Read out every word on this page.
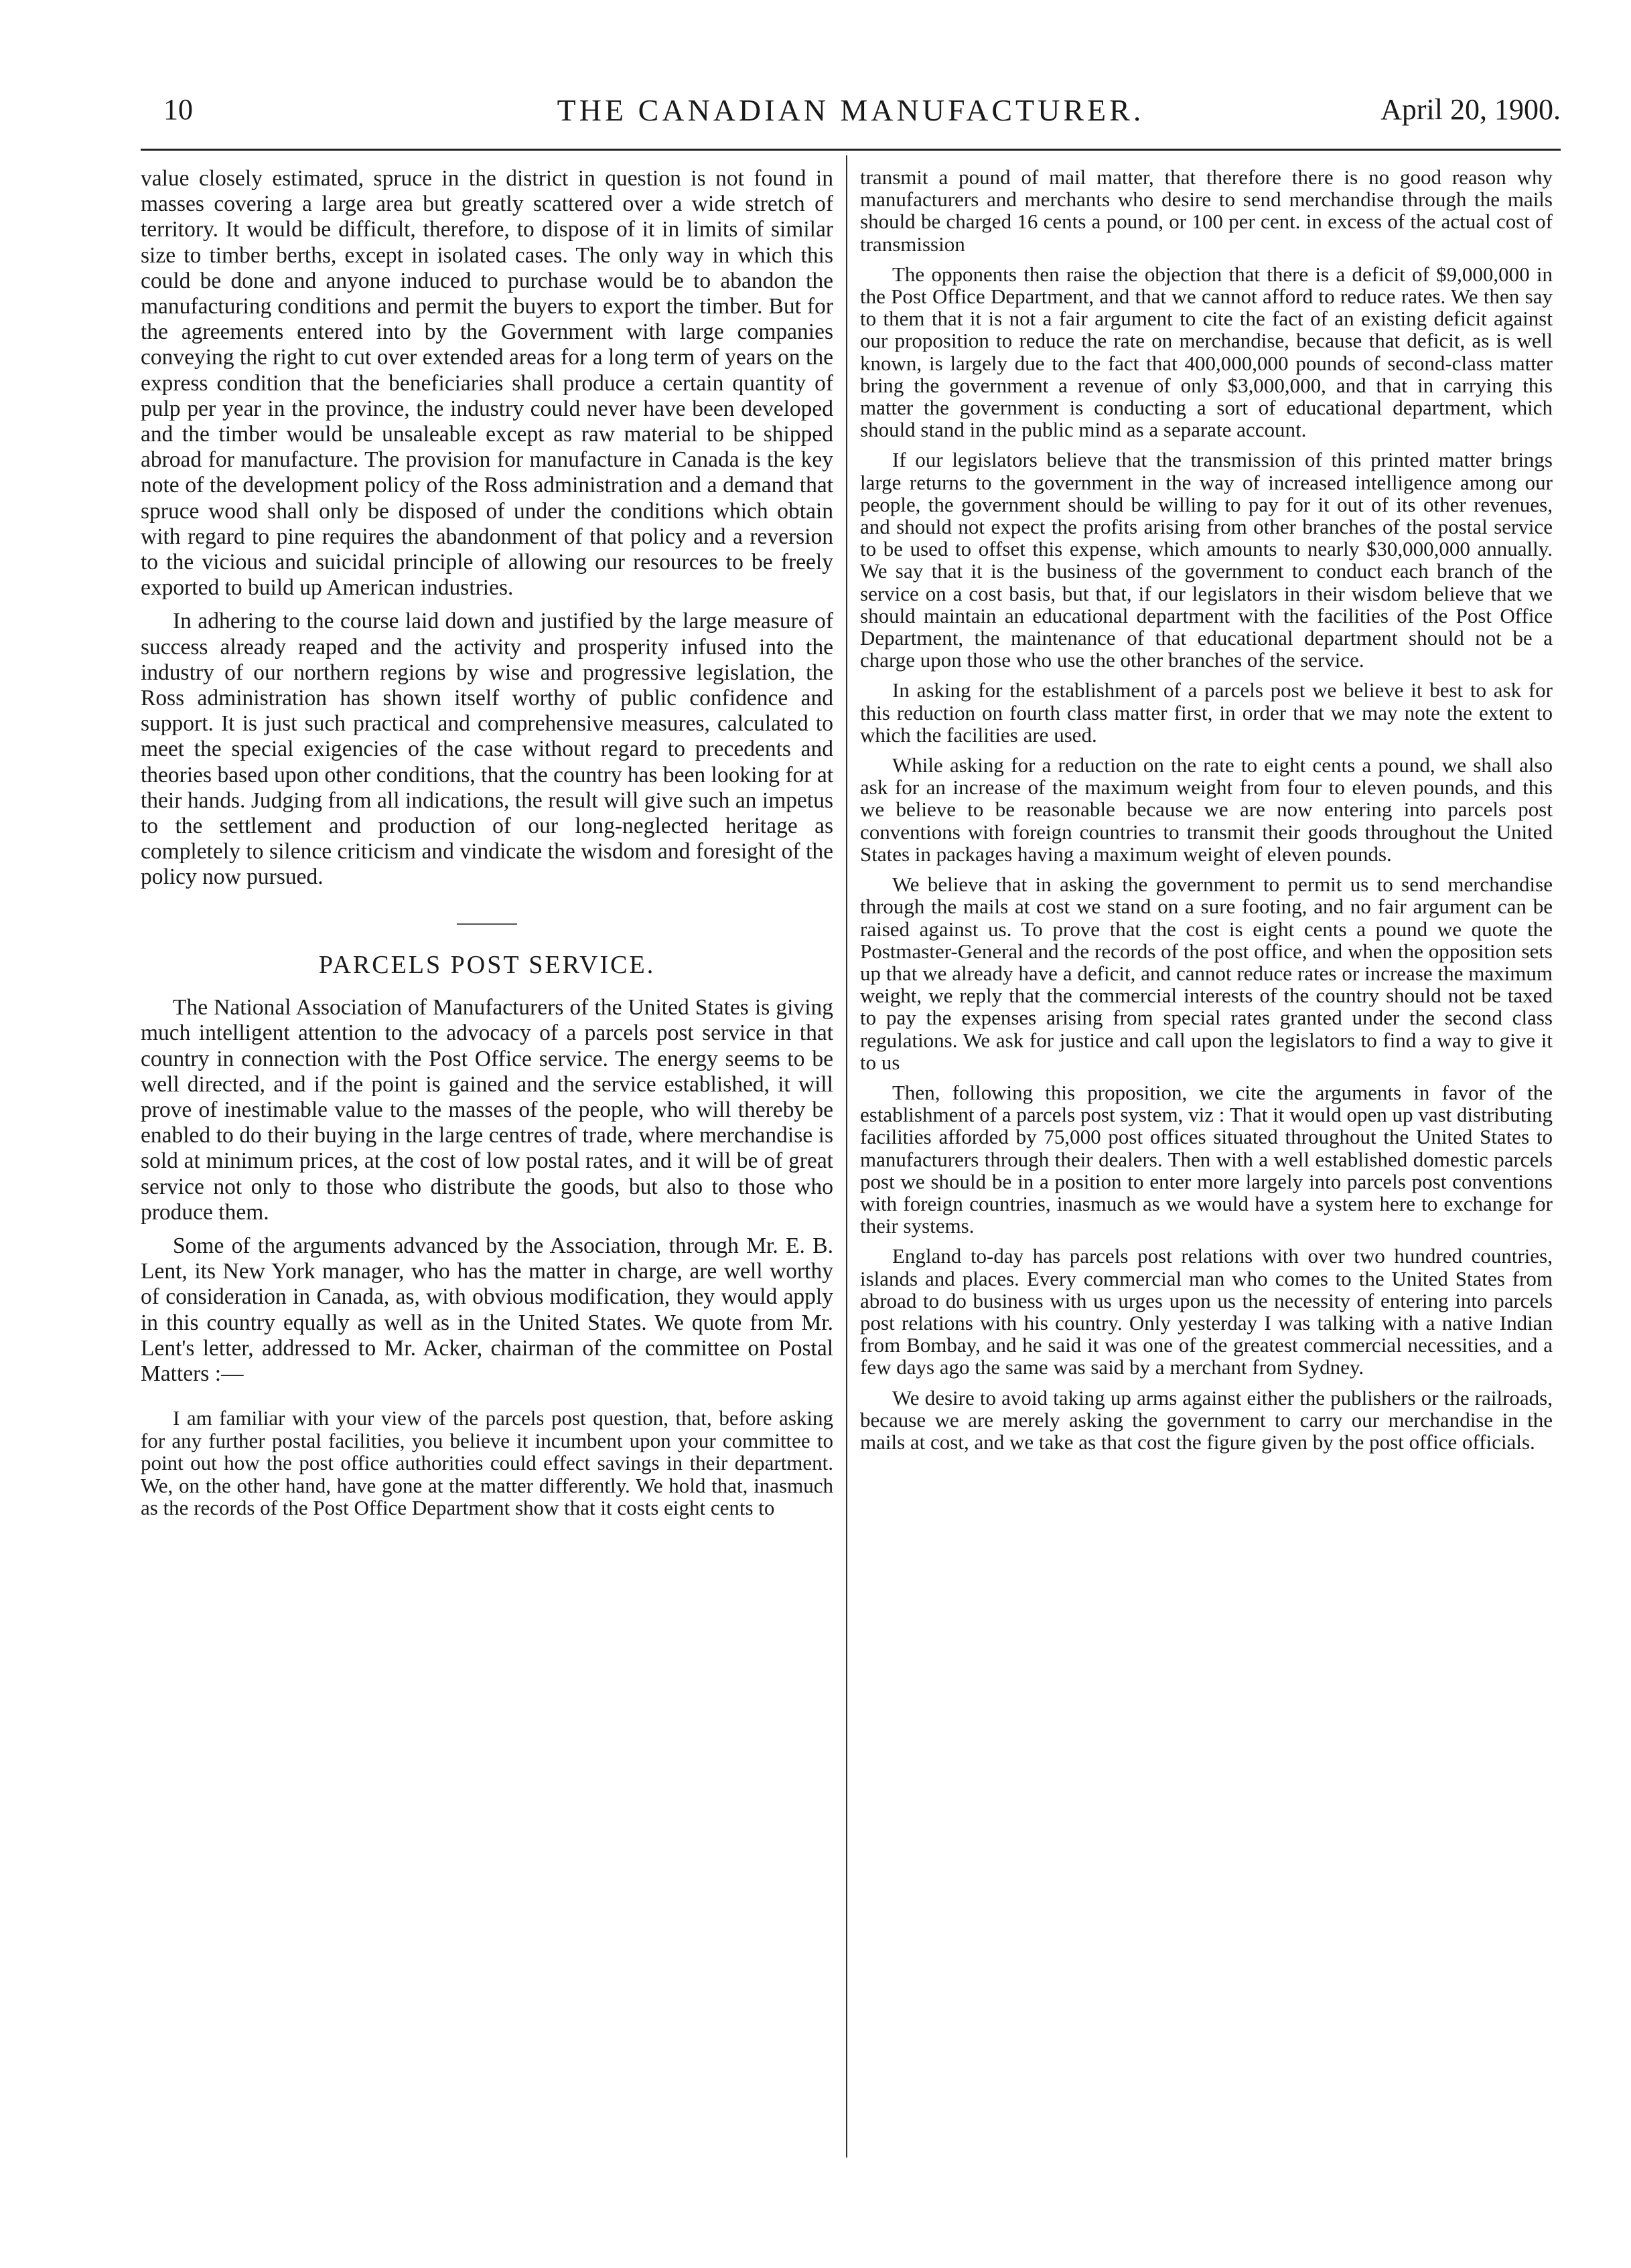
10	THE CANADIAN MANUFACTURER.	April 20, 1900.

value closely estimated, spruce in the district in question is not found in masses covering a large area but greatly scattered over a wide stretch of territory. It would be difficult, therefore, to dispose of it in limits of similar size to timber berths, except in isolated cases. The only way in which this could be done and anyone induced to purchase would be to abandon the manufacturing conditions and permit the buyers to export the timber. But for the agreements entered into by the Government with large companies conveying the right to cut over extended areas for a long term of years on the express condition that the beneficiaries shall produce a certain quantity of pulp per year in the province, the industry could never have been developed and the timber would be unsaleable except as raw material to be shipped abroad for manufacture. The provision for manufacture in Canada is the key note of the development policy of the Ross administration and a demand that spruce wood shall only be disposed of under the conditions which obtain with regard to pine requires the abandonment of that policy and a reversion to the vicious and suicidal principle of allowing our resources to be freely exported to build up American industries.

In adhering to the course laid down and justified by the large measure of success already reaped and the activity and prosperity infused into the industry of our northern regions by wise and progressive legislation, the Ross administration has shown itself worthy of public confidence and support. It is just such practical and comprehensive measures, calculated to meet the special exigencies of the case without regard to precedents and theories based upon other conditions, that the country has been looking for at their hands. Judging from all indications, the result will give such an impetus to the settlement and production of our long-neglected heritage as completely to silence criticism and vindicate the wisdom and foresight of the policy now pursued.

PARCELS POST SERVICE.

The National Association of Manufacturers of the United States is giving much intelligent attention to the advocacy of a parcels post service in that country in connection with the Post Office service. The energy seems to be well directed, and if the point is gained and the service established, it will prove of inestimable value to the masses of the people, who will thereby be enabled to do their buying in the large centres of trade, where merchandise is sold at minimum prices, at the cost of low postal rates, and it will be of great service not only to those who distribute the goods, but also to those who produce them.

Some of the arguments advanced by the Association, through Mr. E. B. Lent, its New York manager, who has the matter in charge, are well worthy of consideration in Canada, as, with obvious modification, they would apply in this country equally as well as in the United States. We quote from Mr. Lent's letter, addressed to Mr. Acker, chairman of the committee on Postal Matters :—

I am familiar with your view of the parcels post question, that, before asking for any further postal facilities, you believe it incumbent upon your committee to point out how the post office authorities could effect savings in their department. We, on the other hand, have gone at the matter differently. We hold that, inasmuch as the records of the Post Office Department show that it costs eight cents to

transmit a pound of mail matter, that therefore there is no good reason why manufacturers and merchants who desire to send merchandise through the mails should be charged 16 cents a pound, or 100 per cent. in excess of the actual cost of transmission

The opponents then raise the objection that there is a deficit of $9,000,000 in the Post Office Department, and that we cannot afford to reduce rates. We then say to them that it is not a fair argument to cite the fact of an existing deficit against our proposition to reduce the rate on merchandise, because that deficit, as is well known, is largely due to the fact that 400,000,000 pounds of second-class matter bring the government a revenue of only $3,000,000, and that in carrying this matter the government is conducting a sort of educational department, which should stand in the public mind as a separate account.

If our legislators believe that the transmission of this printed matter brings large returns to the government in the way of increased intelligence among our people, the government should be willing to pay for it out of its other revenues, and should not expect the profits arising from other branches of the postal service to be used to offset this expense, which amounts to nearly $30,000,000 annually. We say that it is the business of the government to conduct each branch of the service on a cost basis, but that, if our legislators in their wisdom believe that we should maintain an educational department with the facilities of the Post Office Department, the maintenance of that educational department should not be a charge upon those who use the other branches of the service.

In asking for the establishment of a parcels post we believe it best to ask for this reduction on fourth class matter first, in order that we may note the extent to which the facilities are used.

While asking for a reduction on the rate to eight cents a pound, we shall also ask for an increase of the maximum weight from four to eleven pounds, and this we believe to be reasonable because we are now entering into parcels post conventions with foreign countries to transmit their goods throughout the United States in packages having a maximum weight of eleven pounds.

We believe that in asking the government to permit us to send merchandise through the mails at cost we stand on a sure footing, and no fair argument can be raised against us. To prove that the cost is eight cents a pound we quote the Postmaster-General and the records of the post office, and when the opposition sets up that we already have a deficit, and cannot reduce rates or increase the maximum weight, we reply that the commercial interests of the country should not be taxed to pay the expenses arising from special rates granted under the second class regulations. We ask for justice and call upon the legislators to find a way to give it to us

Then, following this proposition, we cite the arguments in favor of the establishment of a parcels post system, viz : That it would open up vast distributing facilities afforded by 75,000 post offices situated throughout the United States to manufacturers through their dealers. Then with a well established domestic parcels post we should be in a position to enter more largely into parcels post conventions with foreign countries, inasmuch as we would have a system here to exchange for their systems.

England to-day has parcels post relations with over two hundred countries, islands and places. Every commercial man who comes to the United States from abroad to do business with us urges upon us the necessity of entering into parcels post relations with his country. Only yesterday I was talking with a native Indian from Bombay, and he said it was one of the greatest commercial necessities, and a few days ago the same was said by a merchant from Sydney.

We desire to avoid taking up arms against either the publishers or the railroads, because we are merely asking the government to carry our merchandise in the mails at cost, and we take as that cost the figure given by the post office officials.
